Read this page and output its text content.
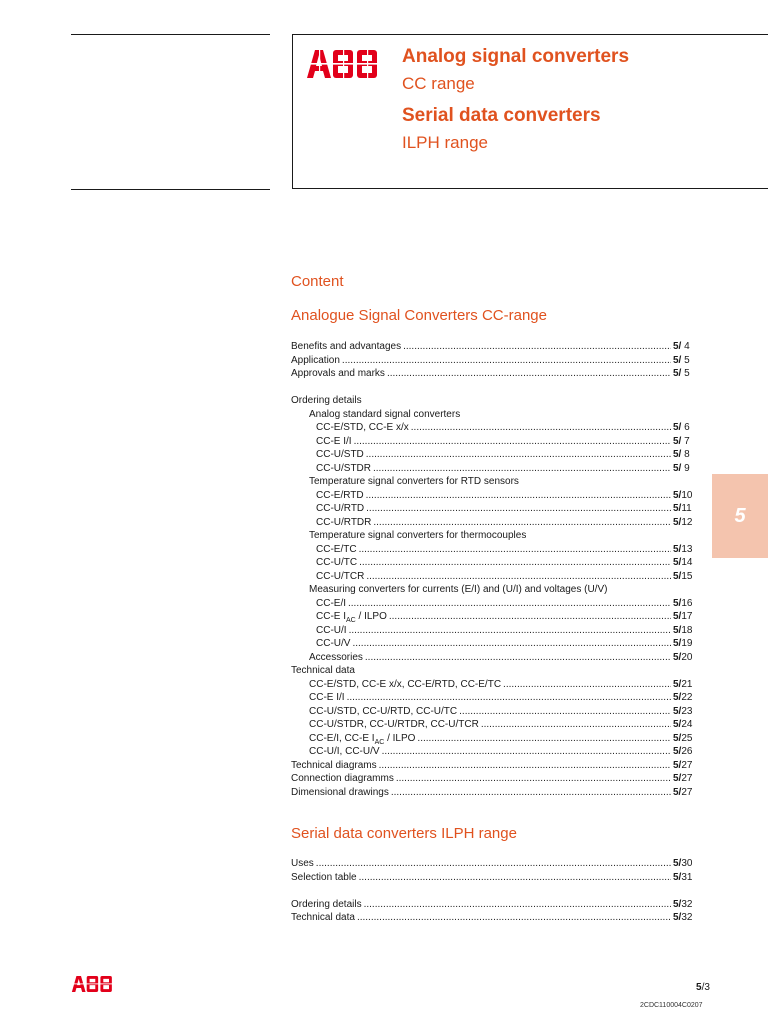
Analog signal converters
CC range
Serial data converters
ILPH range
5
Content
Analogue Signal Converters CC-range
Benefits and advantages .....	5/ 4
Application .....	5/ 5
Approvals and marks .....	5/ 5
Ordering details
Analog standard signal converters
CC-E/STD, CC-E x/x .....	5/ 6
CC-E I/I .....	5/ 7
CC-U/STD .....	5/ 8
CC-U/STDR .....	5/ 9
Temperature signal converters for RTD sensors
CC-E/RTD .....	5/10
CC-U/RTD .....	5/11
CC-U/RTDR .....	5/12
Temperature signal converters for thermocouples
CC-E/TC .....	5/13
CC-U/TC .....	5/14
CC-U/TCR .....	5/15
Measuring converters for currents (E/I) and (U/I) and voltages (U/V)
CC-E/I .....	5/16
CC-E $I_{AC}$ / ILPO .....	5/17
CC-U/I .....	5/18
CC-U/V .....	5/19
Accessories .....	5/20
Technical data
CC-E/STD, CC-E x/x, CC-E/RTD, CC-E/TC .....	5/21
CC-E I/I .....	5/22
CC-U/STD, CC-U/RTD, CC-U/TC .....	5/23
CC-U/STDR, CC-U/RTDR, CC-U/TCR .....	5/24
CC-E/I, CC-E $I_{AC}$ / ILPO .....	5/25
CC-U/I, CC-U/V .....	5/26
Technical diagrams .....	5/27
Connection diagramms .....	5/27
Dimensional drawings .....	5/27
Serial data converters ILPH range
Uses .....	5/30
Selection table .....	5/31
Ordering details .....	5/32
Technical data .....	5/32
5/3
2CDC110004C0207
